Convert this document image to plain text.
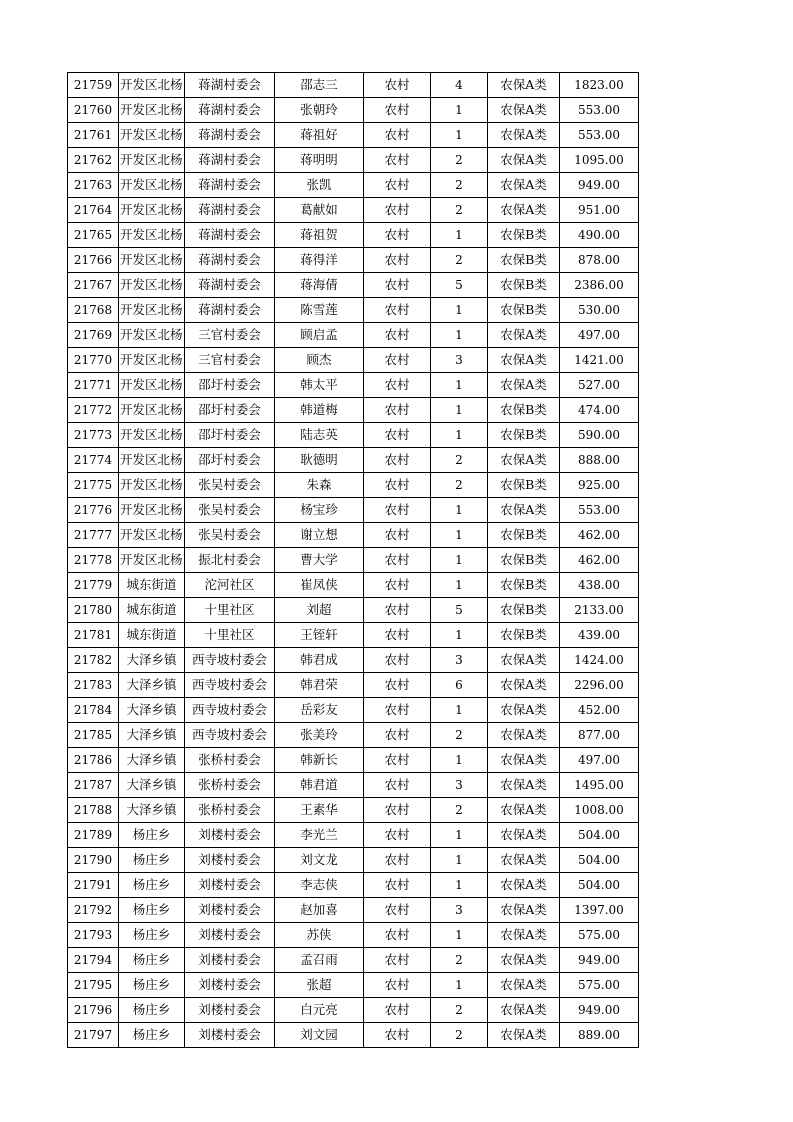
21759	开发区北杨	蒋湖村委会	邵志三	农村	4	农保A类	1823.00
21760	开发区北杨	蒋湖村委会	张朝玲	农村	1	农保A类	553.00
21761	开发区北杨	蒋湖村委会	蒋祖好	农村	1	农保A类	553.00
21762	开发区北杨	蒋湖村委会	蒋明明	农村	2	农保A类	1095.00
21763	开发区北杨	蒋湖村委会	张凯	农村	2	农保A类	949.00
21764	开发区北杨	蒋湖村委会	葛献如	农村	2	农保A类	951.00
21765	开发区北杨	蒋湖村委会	蒋祖贺	农村	1	农保B类	490.00
21766	开发区北杨	蒋湖村委会	蒋得洋	农村	2	农保B类	878.00
21767	开发区北杨	蒋湖村委会	蒋海倩	农村	5	农保B类	2386.00
21768	开发区北杨	蒋湖村委会	陈雪莲	农村	1	农保B类	530.00
21769	开发区北杨	三官村委会	顾启孟	农村	1	农保A类	497.00
21770	开发区北杨	三官村委会	顾杰	农村	3	农保A类	1421.00
21771	开发区北杨	邵圩村委会	韩太平	农村	1	农保A类	527.00
21772	开发区北杨	邵圩村委会	韩道梅	农村	1	农保B类	474.00
21773	开发区北杨	邵圩村委会	陆志英	农村	1	农保B类	590.00
21774	开发区北杨	邵圩村委会	耿德明	农村	2	农保A类	888.00
21775	开发区北杨	张吴村委会	朱森	农村	2	农保B类	925.00
21776	开发区北杨	张吴村委会	杨宝珍	农村	1	农保A类	553.00
21777	开发区北杨	张吴村委会	谢立想	农村	1	农保B类	462.00
21778	开发区北杨	振北村委会	曹大学	农村	1	农保B类	462.00
21779	城东街道	沱河社区	崔凤侠	农村	1	农保B类	438.00
21780	城东街道	十里社区	刘超	农村	5	农保B类	2133.00
21781	城东街道	十里社区	王铚轩	农村	1	农保B类	439.00
21782	大泽乡镇	西寺坡村委会	韩君成	农村	3	农保A类	1424.00
21783	大泽乡镇	西寺坡村委会	韩君荣	农村	6	农保A类	2296.00
21784	大泽乡镇	西寺坡村委会	岳彩友	农村	1	农保A类	452.00
21785	大泽乡镇	西寺坡村委会	张美玲	农村	2	农保A类	877.00
21786	大泽乡镇	张桥村委会	韩新长	农村	1	农保A类	497.00
21787	大泽乡镇	张桥村委会	韩君道	农村	3	农保A类	1495.00
21788	大泽乡镇	张桥村委会	王素华	农村	2	农保A类	1008.00
21789	杨庄乡	刘楼村委会	李光兰	农村	1	农保A类	504.00
21790	杨庄乡	刘楼村委会	刘文龙	农村	1	农保A类	504.00
21791	杨庄乡	刘楼村委会	李志侠	农村	1	农保A类	504.00
21792	杨庄乡	刘楼村委会	赵加喜	农村	3	农保A类	1397.00
21793	杨庄乡	刘楼村委会	苏侠	农村	1	农保A类	575.00
21794	杨庄乡	刘楼村委会	孟召雨	农村	2	农保A类	949.00
21795	杨庄乡	刘楼村委会	张超	农村	1	农保A类	575.00
21796	杨庄乡	刘楼村委会	白元亮	农村	2	农保A类	949.00
21797	杨庄乡	刘楼村委会	刘文园	农村	2	农保A类	889.00
